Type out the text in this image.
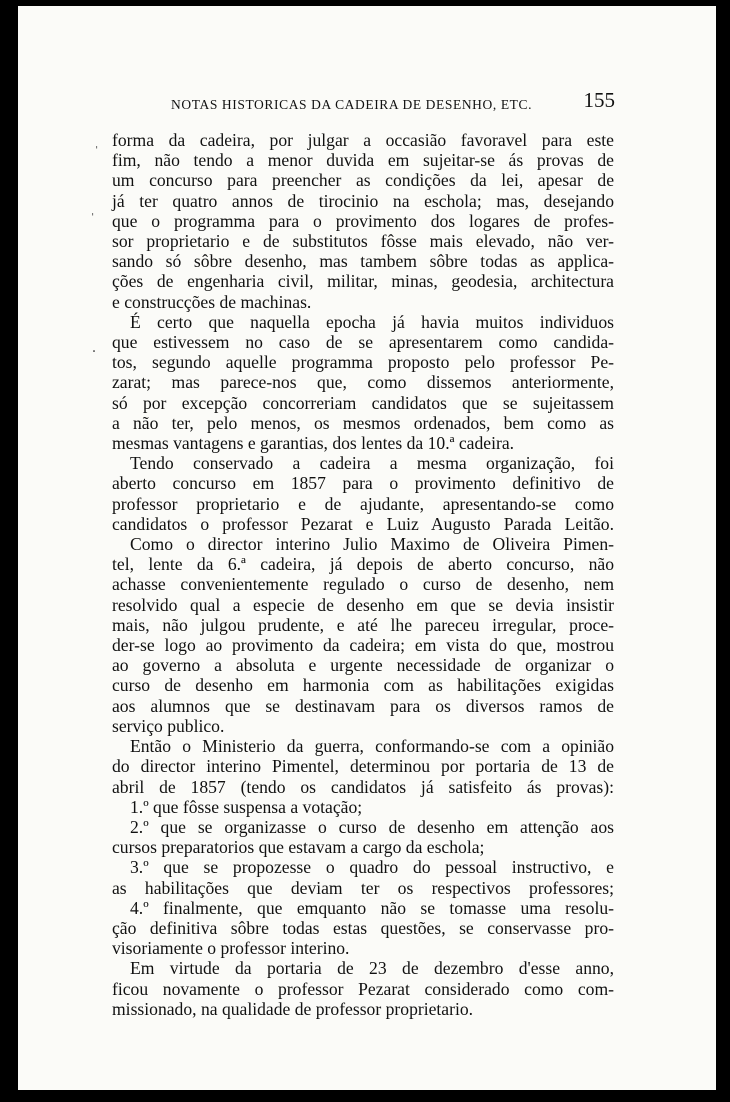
NOTAS HISTORICAS DA CADEIRA DE DESENHO, ETC. 155
ˌ
ˈ
.

forma da cadeira, por julgar a occasião favoravel para este
fim, não tendo a menor duvida em sujeitar-se ás provas de
um concurso para preencher as condições da lei, apesar de
já ter quatro annos de tirocinio na eschola; mas, desejando
que o programma para o provimento dos logares de profes-
sor proprietario e de substitutos fôsse mais elevado, não ver-
sando só sôbre desenho, mas tambem sôbre todas as applica-
ções de engenharia civil, militar, minas, geodesia, architectura
e construcções de machinas.

É certo que naquella epocha já havia muitos individuos
que estivessem no caso de se apresentarem como candida-
tos, segundo aquelle programma proposto pelo professor Pe-
zarat; mas parece-nos que, como dissemos anteriormente,
só por excepção concorreriam candidatos que se sujeitassem
a não ter, pelo menos, os mesmos ordenados, bem como as
mesmas vantagens e garantias, dos lentes da 10.ª cadeira.

Tendo conservado a cadeira a mesma organização, foi
aberto concurso em 1857 para o provimento definitivo de
professor proprietario e de ajudante, apresentando-se como
candidatos o professor Pezarat e Luiz Augusto Parada Leitão.

Como o director interino Julio Maximo de Oliveira Pimen-
tel, lente da 6.ª cadeira, já depois de aberto concurso, não
achasse convenientemente regulado o curso de desenho, nem
resolvido qual a especie de desenho em que se devia insistir
mais, não julgou prudente, e até lhe pareceu irregular, proce-
der-se logo ao provimento da cadeira; em vista do que, mostrou
ao governo a absoluta e urgente necessidade de organizar o
curso de desenho em harmonia com as habilitações exigidas
aos alumnos que se destinavam para os diversos ramos de
serviço publico.

Então o Ministerio da guerra, conformando-se com a opinião
do director interino Pimentel, determinou por portaria de 13 de
abril de 1857 (tendo os candidatos já satisfeito ás provas):

1.º que fôsse suspensa a votação;

2.º que se organizasse o curso de desenho em attenção aos
cursos preparatorios que estavam a cargo da eschola;

3.º que se propozesse o quadro do pessoal instructivo, e
as habilitações que deviam ter os respectivos professores;

4.º finalmente, que emquanto não se tomasse uma resolu-
ção definitiva sôbre todas estas questões, se conservasse pro-
visoriamente o professor interino.

Em virtude da portaria de 23 de dezembro d'esse anno,
ficou novamente o professor Pezarat considerado como com-
missionado, na qualidade de professor proprietario.
